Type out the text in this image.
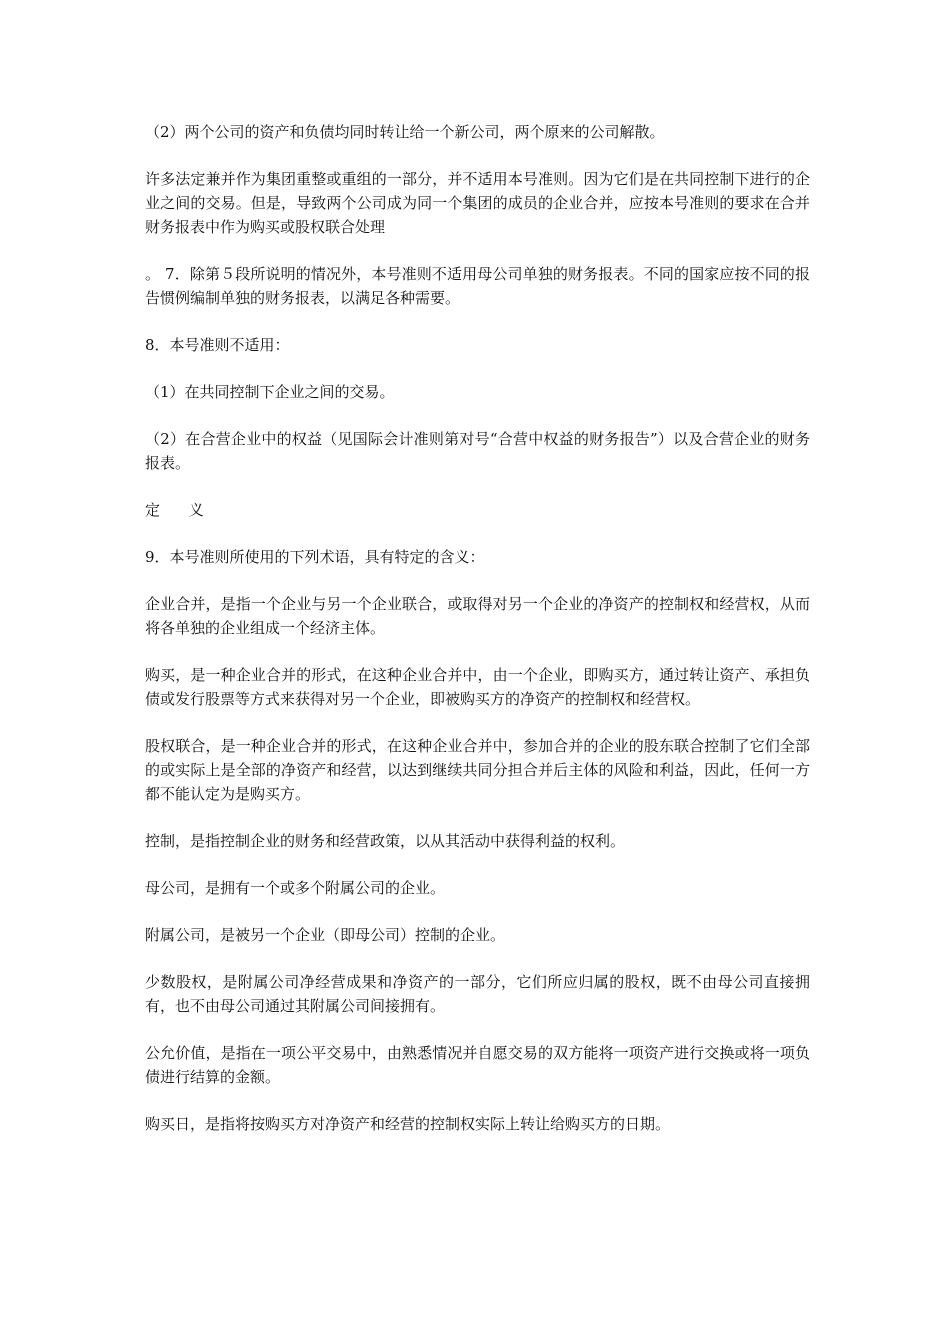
（2）两个公司的资产和负债均同时转让给一个新公司，两个原来的公司解散。

许多法定兼并作为集团重整或重组的一部分，并不适用本号准则。因为它们是在共同控制下进行的企业之间的交易。但是，导致两个公司成为同一个集团的成员的企业合并，应按本号准则的要求在合并财务报表中作为购买或股权联合处理

。 7．除第５段所说明的情况外，本号准则不适用母公司单独的财务报表。不同的国家应按不同的报告惯例编制单独的财务报表，以满足各种需要。

8．本号准则不适用：

（1）在共同控制下企业之间的交易。

（2）在合营企业中的权益（见国际会计准则第对号“合营中权益的财务报告”）以及合营企业的财务报表。

定 义

9．本号准则所使用的下列术语，具有特定的含义：

企业合并，是指一个企业与另一个企业联合，或取得对另一个企业的净资产的控制权和经营权，从而将各单独的企业组成一个经济主体。

购买，是一种企业合并的形式，在这种企业合并中，由一个企业，即购买方，通过转让资产、承担负债或发行股票等方式来获得对另一个企业，即被购买方的净资产的控制权和经营权。

股权联合，是一种企业合并的形式，在这种企业合并中，参加合并的企业的股东联合控制了它们全部的或实际上是全部的净资产和经营，以达到继续共同分担合并后主体的风险和利益，因此，任何一方都不能认定为是购买方。

控制，是指控制企业的财务和经营政策，以从其活动中获得利益的权利。

母公司，是拥有一个或多个附属公司的企业。

附属公司，是被另一个企业（即母公司）控制的企业。

少数股权，是附属公司净经营成果和净资产的一部分，它们所应归属的股权，既不由母公司直接拥有，也不由母公司通过其附属公司间接拥有。

公允价值，是指在一项公平交易中，由熟悉情况并自愿交易的双方能将一项资产进行交换或将一项负债进行结算的金额。

购买日，是指将按购买方对净资产和经营的控制权实际上转让给购买方的日期。
